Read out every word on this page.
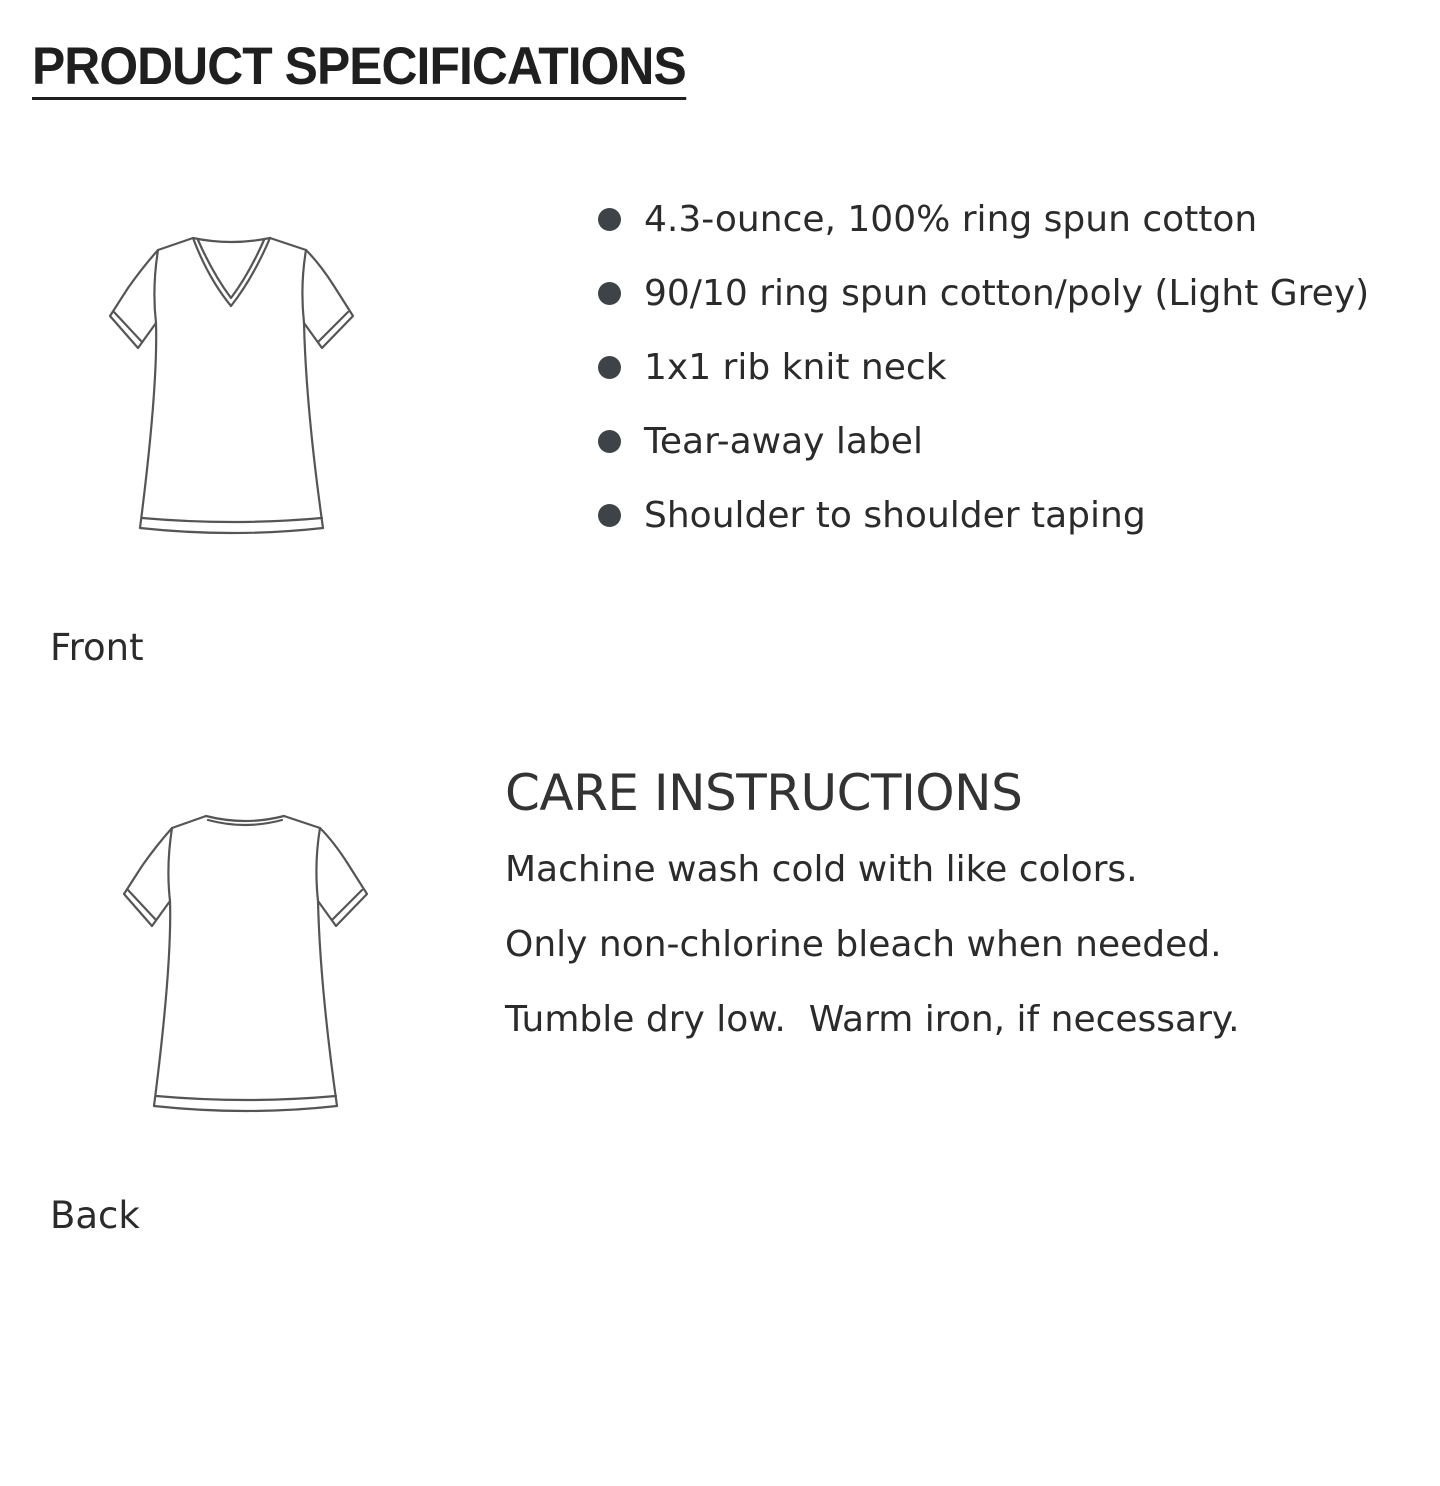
PRODUCT SPECIFICATIONS
Front
Back
4.3-ounce, 100% ring spun cotton
90/10 ring spun cotton/poly (Light Grey)
1x1 rib knit neck
Tear-away label
Shoulder to shoulder taping
CARE INSTRUCTIONS
Machine wash cold with like colors.
Only non-chlorine bleach when needed.
Tumble dry low.  Warm iron, if necessary.
